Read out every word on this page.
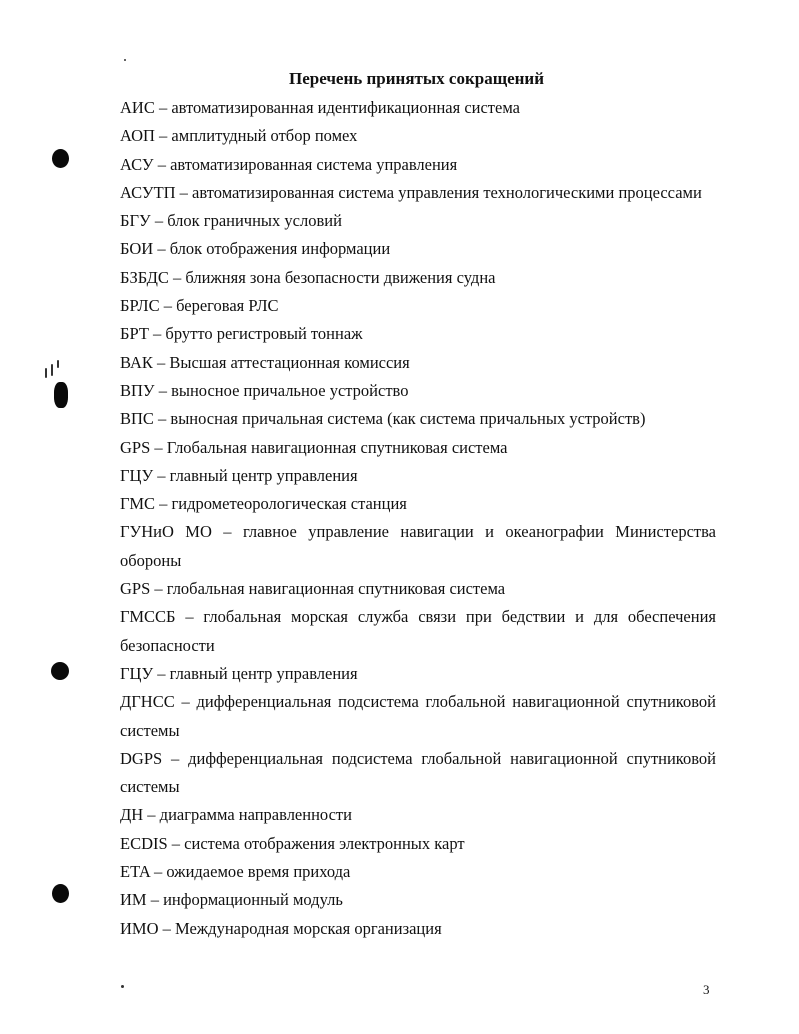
Перечень принятых сокращений
АИС – автоматизированная идентификационная система
АОП – амплитудный отбор помех
АСУ – автоматизированная система управления
АСУТП – автоматизированная система управления технологическими процессами
БГУ – блок граничных условий
БОИ – блок отображения информации
БЗБДС – ближняя зона безопасности движения судна
БРЛС – береговая РЛС
БРТ – брутто регистровый тоннаж
ВАК – Высшая аттестационная комиссия
ВПУ – выносное причальное устройство
ВПС – выносная причальная система (как система причальных устройств)
GPS – Глобальная навигационная спутниковая система
ГЦУ – главный центр управления
ГМС – гидрометеорологическая станция
ГУНиО МО – главное управление навигации и океанографии Министерства обороны
GPS – глобальная навигационная спутниковая система
ГМССБ – глобальная морская служба связи при бедствии и для обеспечения безопасности
ГЦУ – главный центр управления
ДГНСС – дифференциальная подсистема глобальной навигационной спутниковой системы
DGPS – дифференциальная подсистема глобальной навигационной спутниковой системы
ДН – диаграмма направленности
ECDIS – система отображения электронных карт
ETA – ожидаемое время прихода
ИМ – информационный модуль
ИМО – Международная морская организация
3
